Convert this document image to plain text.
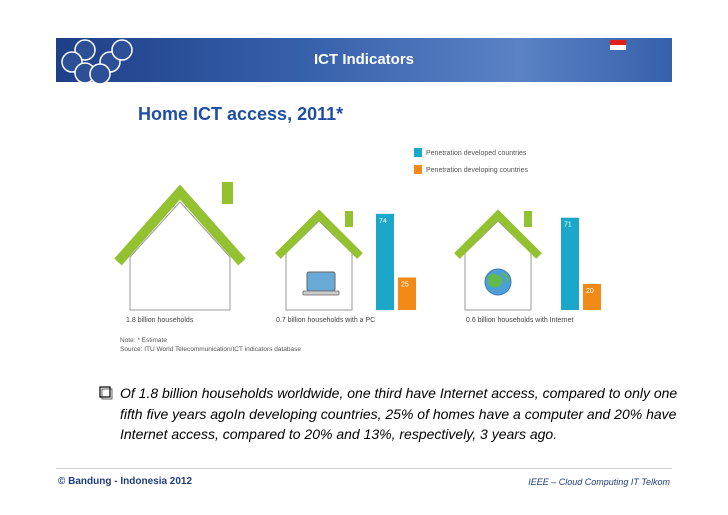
ICT Indicators
Home ICT access, 2011*
Penetration developed countries
Penetration developing countries
74
25
71
20
1.8 billion households	0.7 billion households with a PC	0.6 billion households with Internet
Note: * Estimate
Source: ITU World Telecommunication/ICT indicators database
Of 1.8 billion households worldwide, one third have Internet access, compared to only one fifth five years agoIn developing countries, 25% of homes have a computer and 20% have Internet access, compared to 20% and 13%, respectively, 3 years ago.
© Bandung - Indonesia 2012	IEEE – Cloud Computing IT Telkom
